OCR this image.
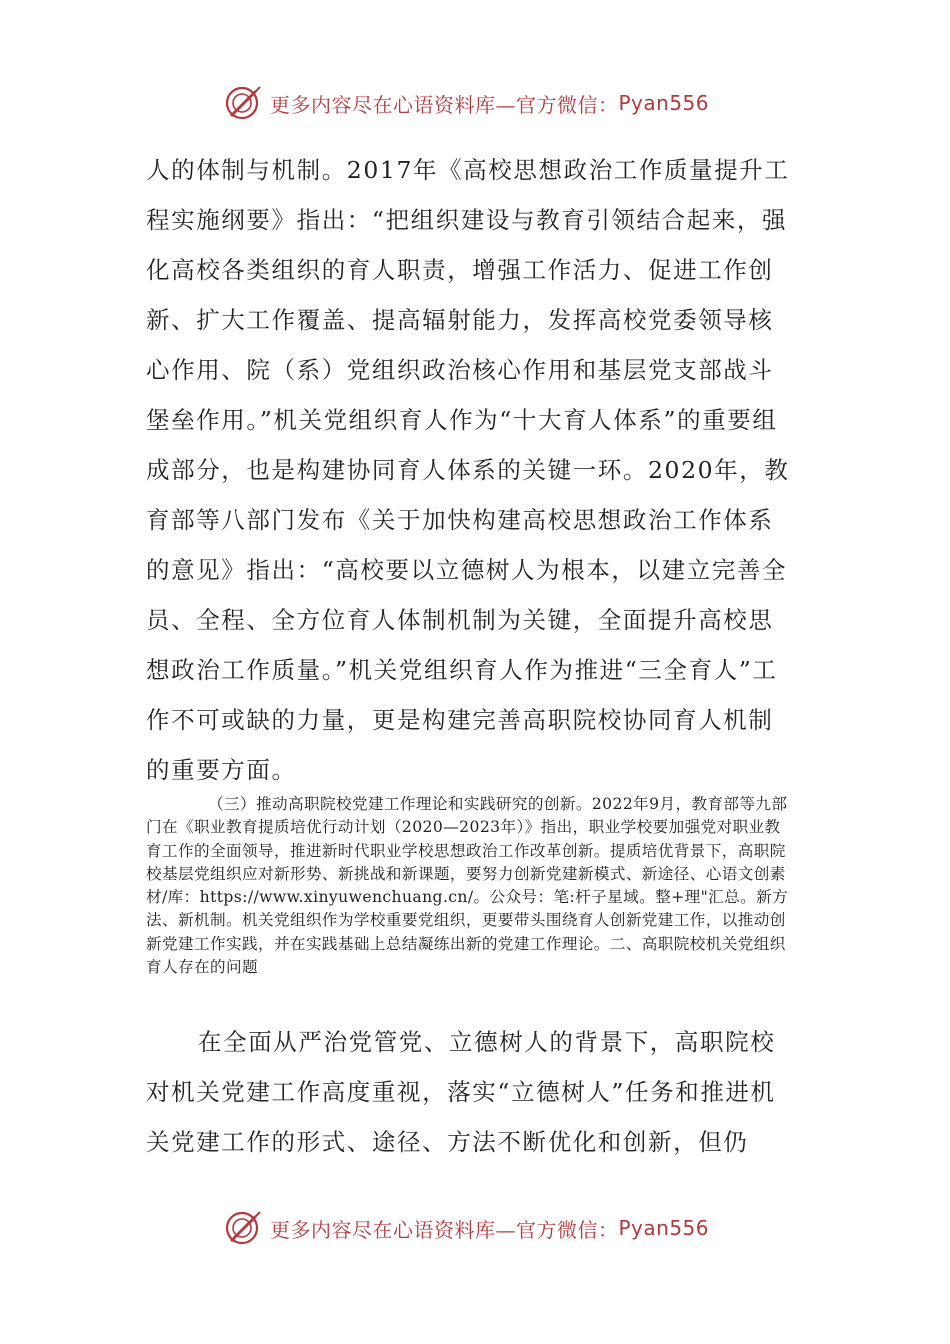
更多内容尽在心语资料库—官方微信： Pyan556

人的体制与机制。2017年《高校思想政治工作质量提升工程实施纲要》指出：“把组织建设与教育引领结合起来，强化高校各类组织的育人职责，增强工作活力、促进工作创新、扩大工作覆盖、提高辐射能力，发挥高校党委领导核心作用、院（系）党组织政治核心作用和基层党支部战斗堡垒作用。”机关党组织育人作为“十大育人体系”的重要组成部分，也是构建协同育人体系的关键一环。2020年，教育部等八部门发布《关于加快构建高校思想政治工作体系的意见》指出：“高校要以立德树人为根本，以建立完善全员、全程、全方位育人体制机制为关键，全面提升高校思想政治工作质量。”机关党组织育人作为推进“三全育人”工作不可或缺的力量，更是构建完善高职院校协同育人机制的重要方面。

（三）推动高职院校党建工作理论和实践研究的创新。2022年9月，教育部等九部门在《职业教育提质培优行动计划（2020—2023年）》指出，职业学校要加强党对职业教育工作的全面领导，推进新时代职业学校思想政治工作改革创新。提质培优背景下，高职院校基层党组织应对新形势、新挑战和新课题，要努力创新党建新模式、新途径、心语文创素材/库：https://www.xinyuwenchuang.cn/。公众号：笔:杆子星域。整+理"汇总。新方法、新机制。机关党组织作为学校重要党组织，更要带头围绕育人创新党建工作，以推动创新党建工作实践，并在实践基础上总结凝练出新的党建工作理论。二、高职院校机关党组织育人存在的问题

在全面从严治党管党、立德树人的背景下，高职院校对机关党建工作高度重视，落实“立德树人”任务和推进机关党建工作的形式、途径、方法不断优化和创新，但仍

更多内容尽在心语资料库—官方微信： Pyan556
